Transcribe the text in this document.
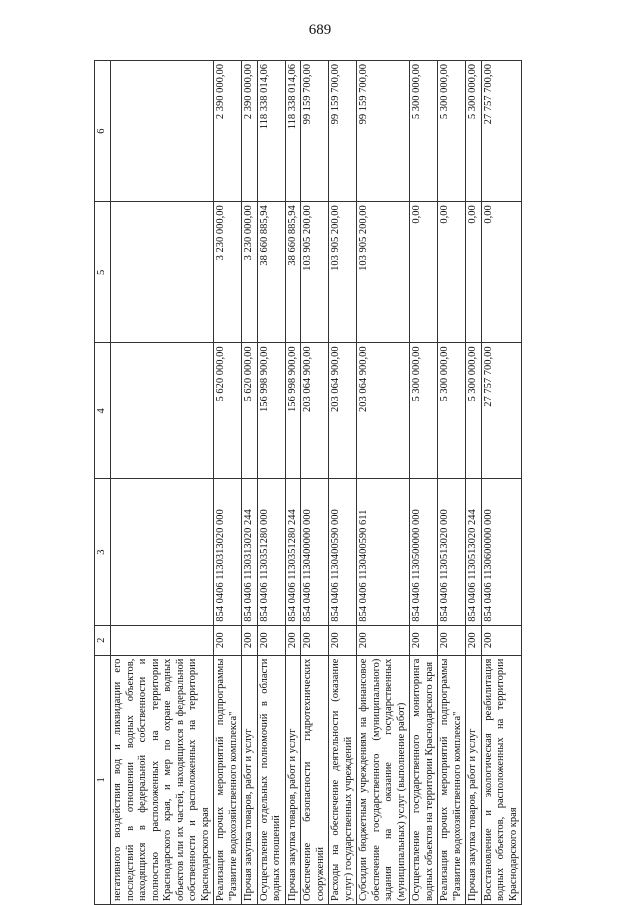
689
1	2	3	4	5	6
негативного воздействия вод и ликвидации его последствий в отношении водных объектов, находящихся в федеральной собственности и полностью расположенных на территории Краснодарского края, и мер по охране водных объектов или их частей, находящихся в федеральной собственности и расположенных на территории Краснодарского края					
Реализация прочих мероприятий подпрограммы "Развитие водохозяйственного комплекса"	200	854 0406 1130313020 000	5 620 000,00	3 230 000,00	2 390 000,00
Прочая закупка товаров, работ и услуг	200	854 0406 1130313020 244	5 620 000,00	3 230 000,00	2 390 000,00
Осуществление отдельных полномочий в области водных отношений	200	854 0406 1130351280 000	156 998 900,00	38 660 885,94	118 338 014,06
Прочая закупка товаров, работ и услуг	200	854 0406 1130351280 244	156 998 900,00	38 660 885,94	118 338 014,06
Обеспечение безопасности гидротехнических сооружений	200	854 0406 1130400000 000	203 064 900,00	103 905 200,00	99 159 700,00
Расходы на обеспечение деятельности (оказание услуг) государственных учреждений	200	854 0406 1130400590 000	203 064 900,00	103 905 200,00	99 159 700,00
Субсидии бюджетным учреждениям на финансовое обеспечение государственного (муниципального) задания на оказание государственных (муниципальных) услуг (выполнение работ)	200	854 0406 1130400590 611	203 064 900,00	103 905 200,00	99 159 700,00
Осуществление государственного мониторинга водных объектов на территории Краснодарского края	200	854 0406 1130500000 000	5 300 000,00	0,00	5 300 000,00
Реализация прочих мероприятий подпрограммы "Развитие водохозяйственного комплекса"	200	854 0406 1130513020 000	5 300 000,00	0,00	5 300 000,00
Прочая закупка товаров, работ и услуг	200	854 0406 1130513020 244	5 300 000,00	0,00	5 300 000,00
Восстановление и экологическая реабилитация водных объектов, расположенных на территории Краснодарского края	200	854 0406 1130600000 000	27 757 700,00	0,00	27 757 700,00
